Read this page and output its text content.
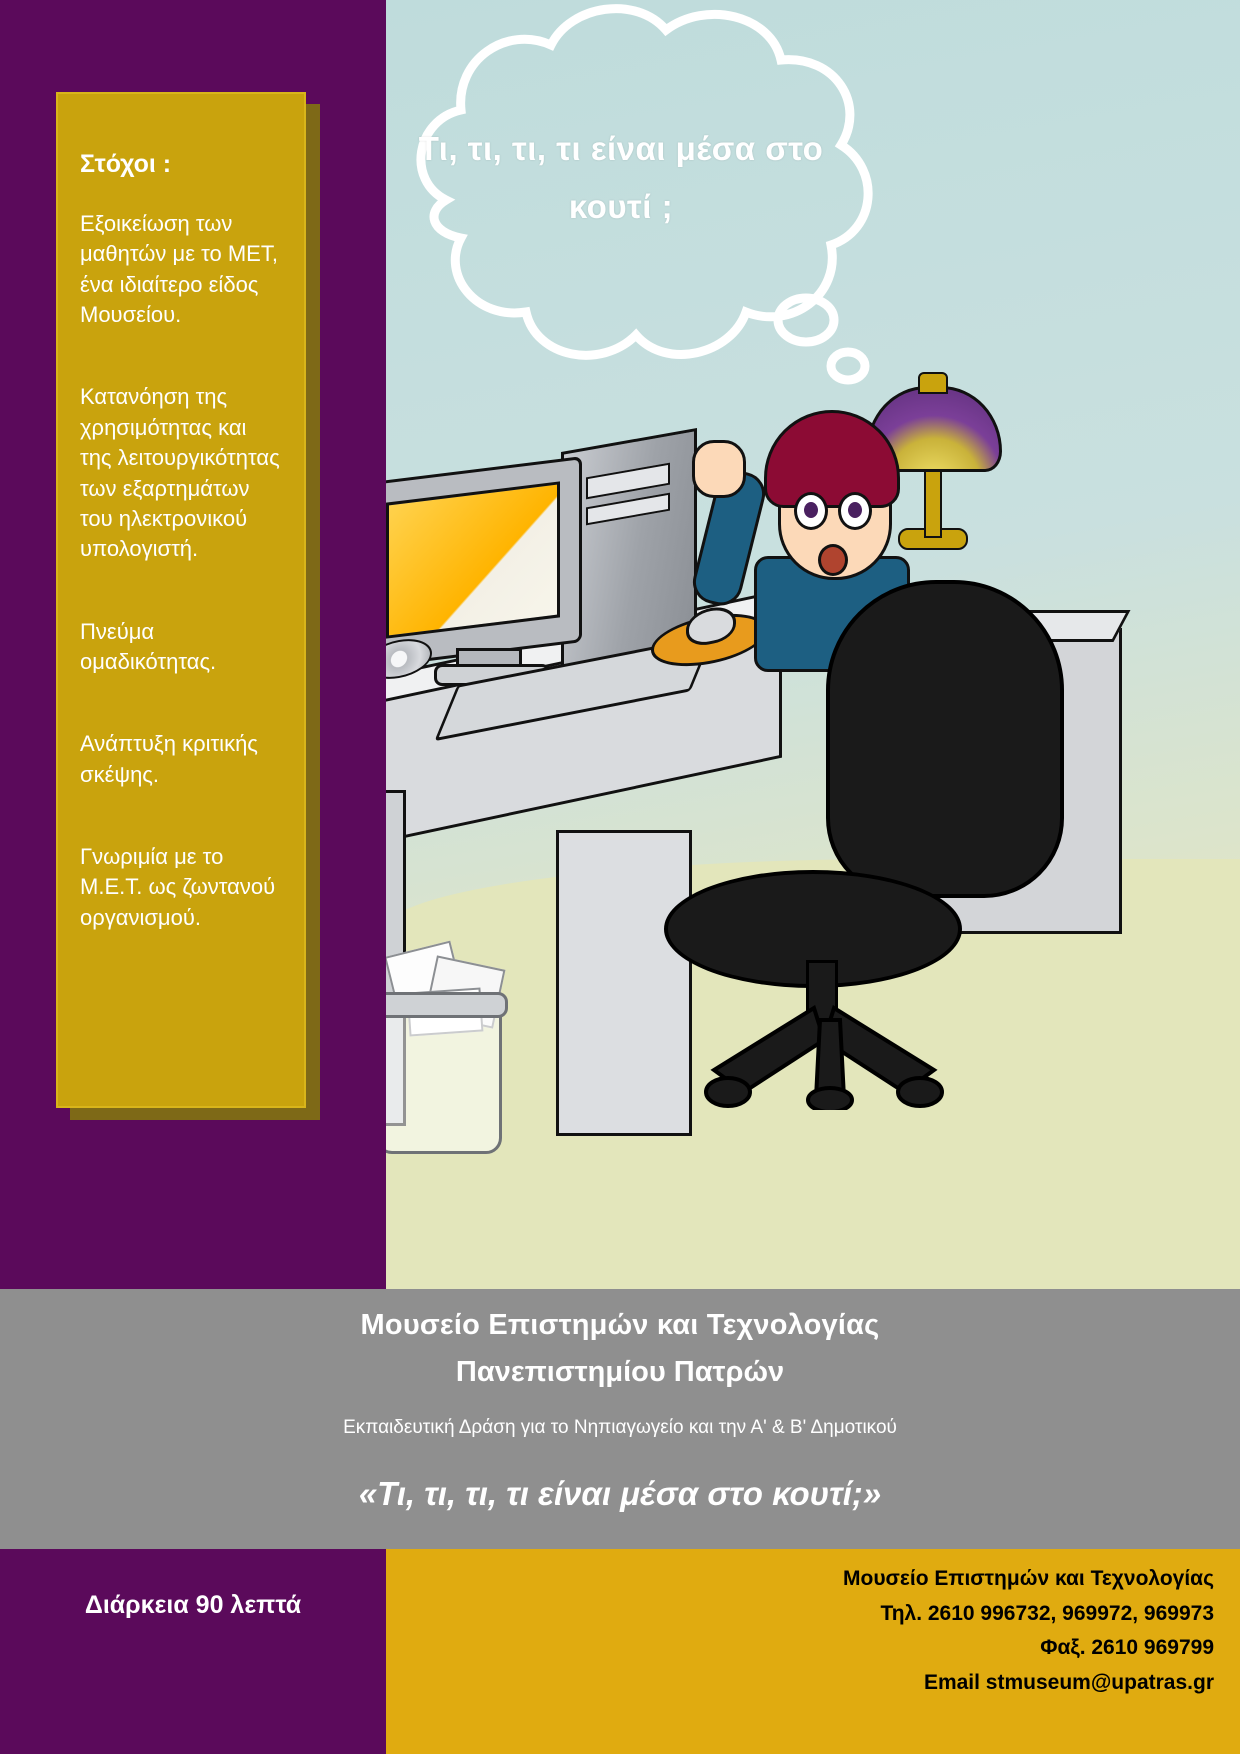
Τι, τι, τι, τι είναι μέσα στο κουτί ;
Στόχοι :
Εξοικείωση των μαθητών με το ΜΕΤ, ένα ιδιαίτερο είδος Μουσείου.
Κατανόηση της χρησιμότητας και της λειτουργικότητας των εξαρτημάτων του ηλεκτρονικού υπολογιστή.
Πνεύμα ομαδικότητας.
Ανάπτυξη κριτικής σκέψης.
Γνωριμία με το Μ.Ε.Τ. ως ζωντανού οργανισμού.
Μουσείο Επιστημών και Τεχνολογίας
Πανεπιστημίου Πατρών
Εκπαιδευτική Δράση για το Νηπιαγωγείο και την Α' & Β' Δημοτικού
«Τι, τι, τι, τι είναι μέσα στο κουτί;»
Διάρκεια 90 λεπτά
Μουσείο Επιστημών και Τεχνολογίας
Τηλ. 2610 996732, 969972, 969973
Φαξ. 2610 969799
Email stmuseum@upatras.gr
